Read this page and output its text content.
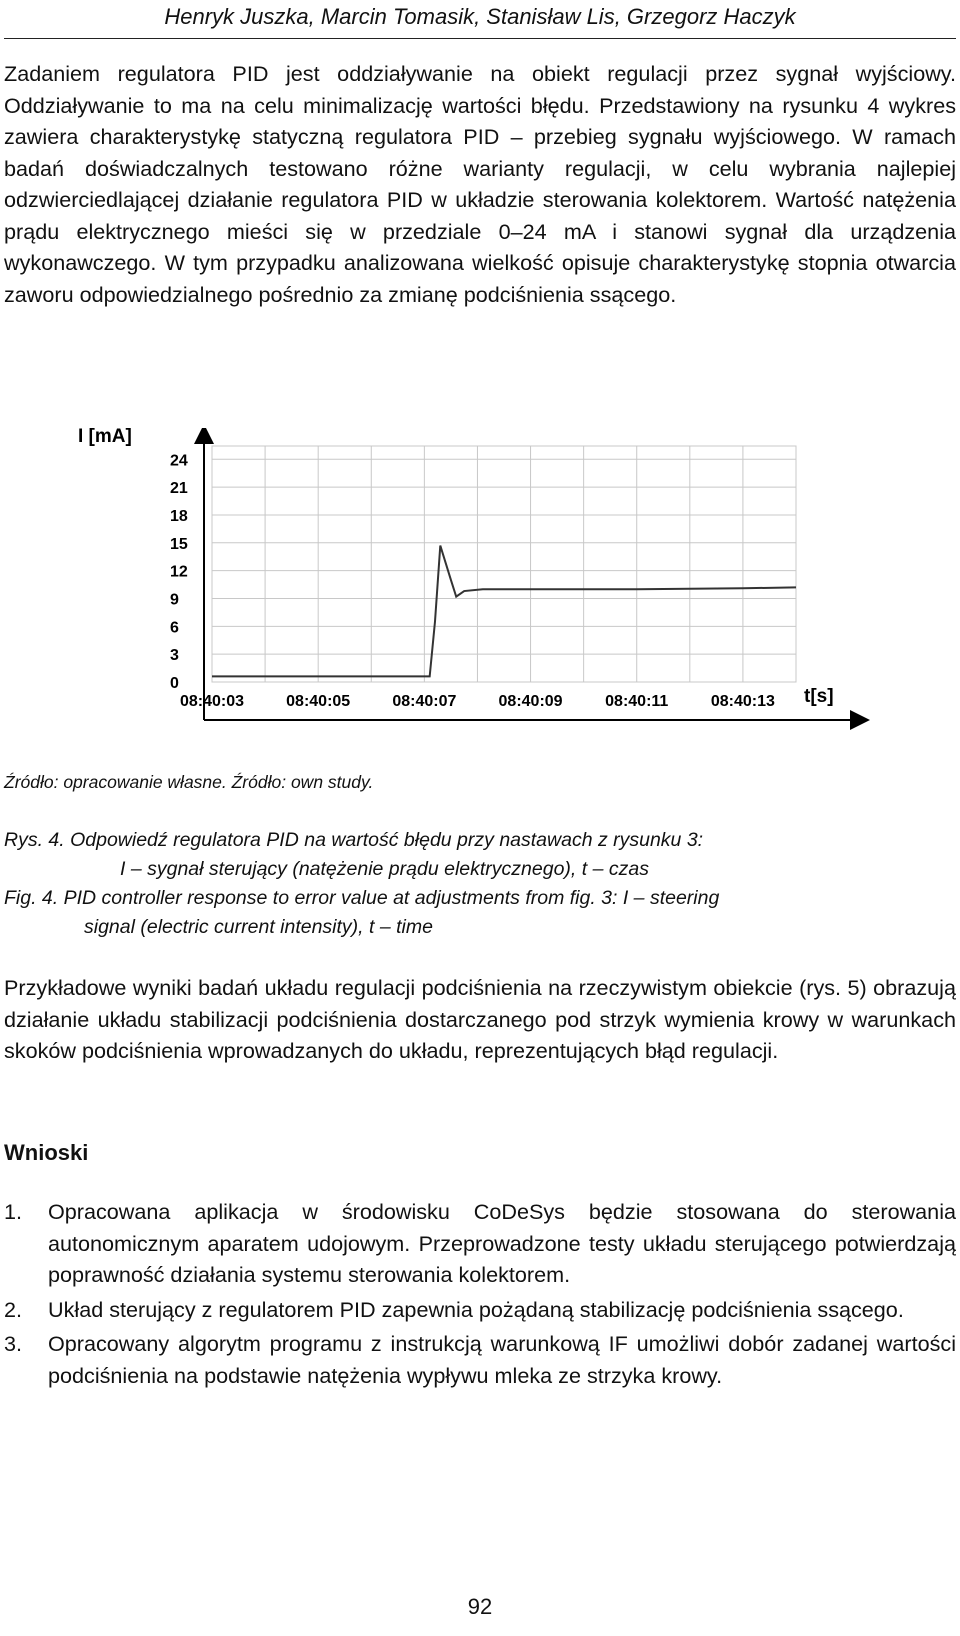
Henryk Juszka, Marcin Tomasik, Stanisław Lis, Grzegorz Haczyk
Zadaniem regulatora PID jest oddziaływanie na obiekt regulacji przez sygnał wyjściowy. Oddziaływanie to ma na celu minimalizację wartości błędu. Przedstawiony na rysunku 4 wykres zawiera charakterystykę statyczną regulatora PID – przebieg sygnału wyjściowego. W ramach badań doświadczalnych testowano różne warianty regulacji, w celu wybrania najlepiej odzwierciedlającej działanie regulatora PID w układzie sterowania kolektorem. Wartość natężenia prądu elektrycznego mieści się w przedziale 0–24 mA i stanowi sygnał dla urządzenia wykonawczego. W tym przypadku analizowana wielkość opisuje charakterystykę stopnia otwarcia zaworu odpowiedzialnego pośrednio za zmianę podciśnienia ssącego.
0
3
6
9
12
15
18
21
24
08:40:03	08:40:05	08:40:07	08:40:09	08:40:11	08:40:13
I [mA]
t[s]
Źródło: opracowanie własne. Źródło: own study.
Rys. 4. Odpowiedź regulatora PID na wartość błędu przy nastawach z rysunku 3:
I – sygnał sterujący (natężenie prądu elektrycznego), t – czas
Fig. 4. PID controller response to error value at adjustments from fig. 3: I – steering
signal (electric current intensity), t – time
Przykładowe wyniki badań układu regulacji podciśnienia na rzeczywistym obiekcie (rys. 5) obrazują działanie układu stabilizacji podciśnienia dostarczanego pod strzyk wymienia krowy w warunkach skoków podciśnienia wprowadzanych do układu, reprezentujących błąd regulacji.
Wnioski
1. Opracowana aplikacja w środowisku CoDeSys będzie stosowana do sterowania autonomicznym aparatem udojowym. Przeprowadzone testy układu sterującego potwierdzają poprawność działania systemu sterowania kolektorem.
2. Układ sterujący z regulatorem PID zapewnia pożądaną stabilizację podciśnienia ssącego.
3. Opracowany algorytm programu z instrukcją warunkową IF umożliwi dobór zadanej wartości podciśnienia na podstawie natężenia wypływu mleka ze strzyka krowy.
92
